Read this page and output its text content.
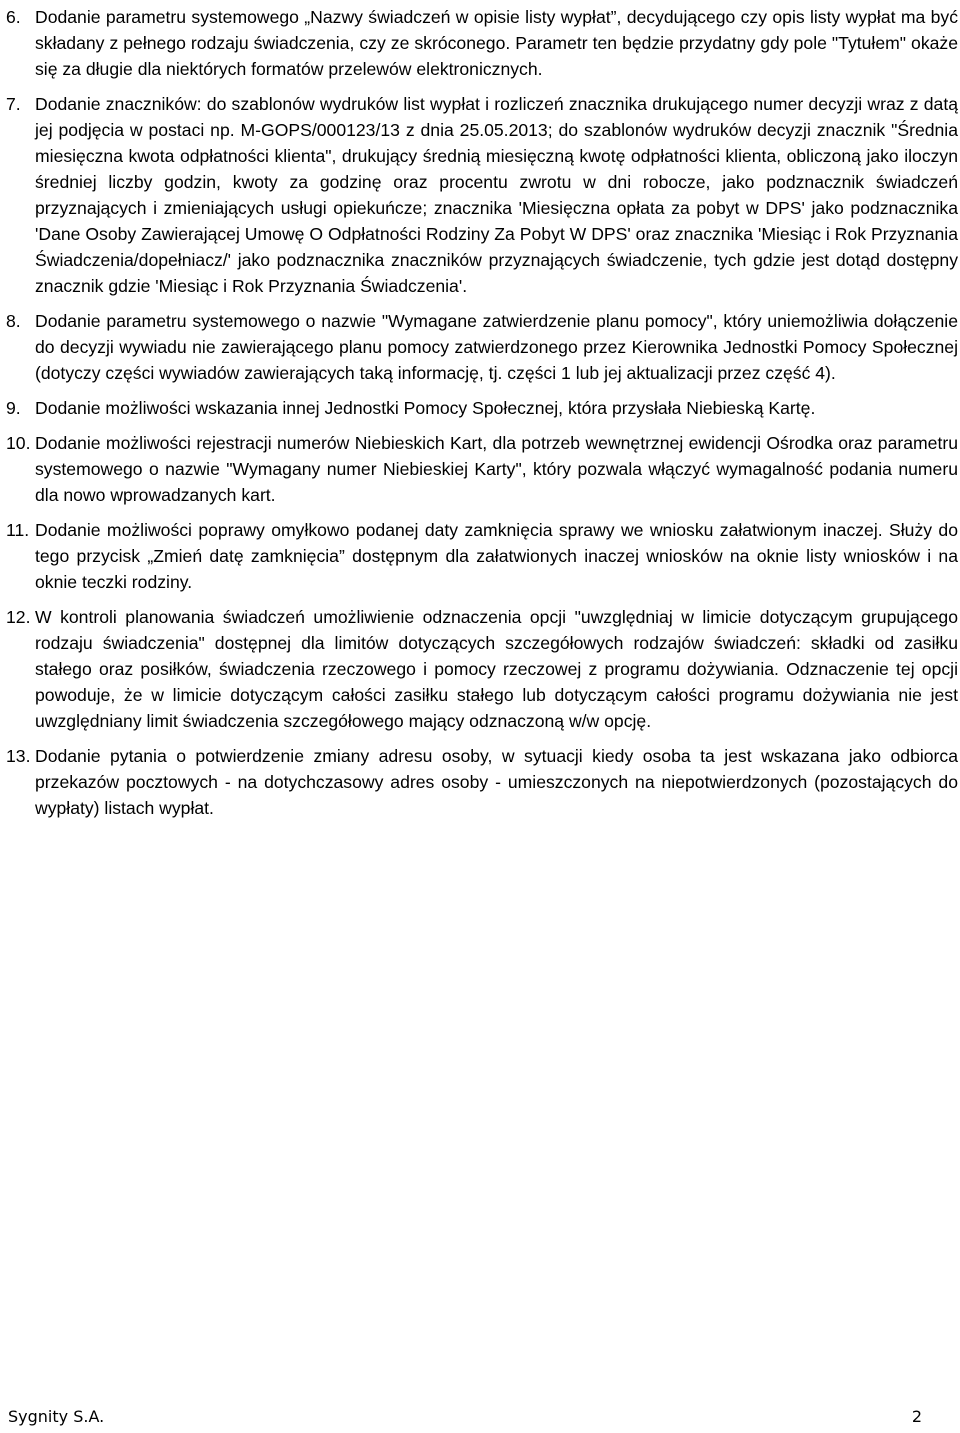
6. Dodanie parametru systemowego „Nazwy świadczeń w opisie listy wypłat”, decydującego czy opis listy wypłat ma być składany z pełnego rodzaju świadczenia, czy ze skróconego. Parametr ten będzie przydatny gdy pole "Tytułem" okaże się za długie dla niektórych formatów przelewów elektronicznych.
7. Dodanie znaczników: do szablonów wydruków list wypłat i rozliczeń znacznika drukującego numer decyzji wraz z datą jej podjęcia w postaci np. M-GOPS/000123/13 z dnia 25.05.2013; do szablonów wydruków decyzji znacznik "Średnia miesięczna kwota odpłatności klienta", drukujący średnią miesięczną kwotę odpłatności klienta, obliczoną jako iloczyn średniej liczby godzin, kwoty za godzinę oraz procentu zwrotu w dni robocze, jako podznacznik świadczeń przyznających i zmieniających usługi opiekuńcze; znacznika 'Miesięczna opłata za pobyt w DPS' jako podznacznika 'Dane Osoby Zawierającej Umowę O Odpłatności Rodziny Za Pobyt W DPS' oraz znacznika 'Miesiąc i Rok Przyznania Świadczenia/dopełniacz/' jako podznacznika znaczników przyznających świadczenie, tych gdzie jest dotąd dostępny znacznik gdzie 'Miesiąc i Rok Przyznania Świadczenia'.
8. Dodanie parametru systemowego o nazwie "Wymagane zatwierdzenie planu pomocy", który uniemożliwia dołączenie do decyzji wywiadu nie zawierającego planu pomocy zatwierdzonego przez Kierownika Jednostki Pomocy Społecznej (dotyczy części wywiadów zawierających taką informację, tj. części 1 lub jej aktualizacji przez część 4).
9. Dodanie możliwości wskazania innej Jednostki Pomocy Społecznej, która przysłała Niebieską Kartę.
10. Dodanie możliwości rejestracji numerów Niebieskich Kart, dla potrzeb wewnętrznej ewidencji Ośrodka oraz parametru systemowego o nazwie "Wymagany numer Niebieskiej Karty", który pozwala włączyć wymagalność podania numeru dla nowo wprowadzanych kart.
11. Dodanie możliwości poprawy omyłkowo podanej daty zamknięcia sprawy we wniosku załatwionym inaczej. Służy do tego przycisk „Zmień datę zamknięcia” dostępnym dla załatwionych inaczej wniosków na oknie listy wniosków i na oknie teczki rodziny.
12. W kontroli planowania świadczeń umożliwienie odznaczenia opcji "uwzględniaj w limicie dotyczącym grupującego rodzaju świadczenia" dostępnej dla limitów dotyczących szczegółowych rodzajów świadczeń: składki od zasiłku stałego oraz posiłków, świadczenia rzeczowego i pomocy rzeczowej z programu dożywiania. Odznaczenie tej opcji powoduje, że w limicie dotyczącym całości zasiłku stałego lub dotyczącym całości programu dożywiania nie jest uwzględniany limit świadczenia szczegółowego mający odznaczoną w/w opcję.
13. Dodanie pytania o potwierdzenie zmiany adresu osoby, w sytuacji kiedy osoba ta jest wskazana jako odbiorca przekazów pocztowych - na dotychczasowy adres osoby - umieszczonych na niepotwierdzonych (pozostających do wypłaty) listach wypłat.
Sygnity S.A.	2
